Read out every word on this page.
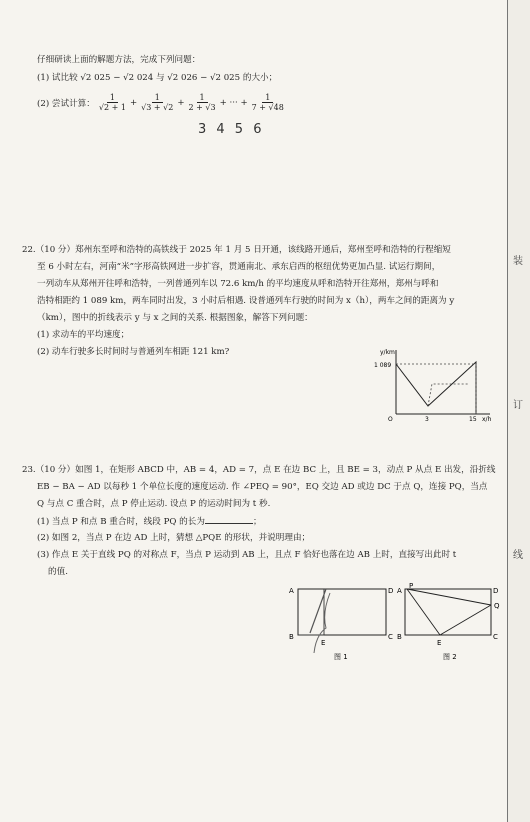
仔细研读上面的解题方法，完成下列问题：
(1) 试比较 √2 025 − √2 024 与 √2 026 − √2 025 的大小；
(2) 尝试计算： $\frac{1}{√2 + 1} + \frac{1}{√3 + √2} + \frac{1}{2 + √3}$ + ··· + $\frac{1}{7 + √48}$
3 4 5 6
22.（10 分）郑州东至呼和浩特的高铁线于 2025 年 1 月 5 日开通，该线路开通后，郑州至呼和浩特的行程缩短
至 6 小时左右，河南“米”字形高铁网进一步扩容，贯通南北、承东启西的枢纽优势更加凸显. 试运行期间，
一列动车从郑州开往呼和浩特，一列普通列车以 72.6 km/h 的平均速度从呼和浩特开往郑州，郑州与呼和
浩特相距约 1 089 km，两车同时出发，3 小时后相遇. 设普通列车行驶的时间为 x（h），两车之间的距离为 y
（km），图中的折线表示 y 与 x 之间的关系. 根据图象，解答下列问题：
(1) 求动车的平均速度；
(2) 动车行驶多长时间时与普通列车相距 121 km?	y/km
1 089
O	3	15 x/h
23.（10 分）如图 1，在矩形 ABCD 中，AB = 4，AD = 7，点 E 在边 BC 上，且 BE = 3，动点 P 从点 E 出发，沿折线
EB − BA − AD 以每秒 1 个单位长度的速度运动. 作 ∠PEQ = 90°，EQ 交边 AD 或边 DC 于点 Q，连接 PQ，当点
Q 与点 C 重合时，点 P 停止运动. 设点 P 的运动时间为 t 秒.
(1) 当点 P 和点 B 重合时，线段 PQ 的长为	；
(2) 如图 2，当点 P 在边 AD 上时，猜想 △PQE 的形状，并说明理由；
(3) 作点 E 关于直线 PQ 的对称点 F，当点 P 运动到 AB 上，且点 F 恰好也落在边 AB 上时，直接写出此时 t
的值.
A
B	C
D
E
图 1
A
P
B	C
D
Q
E
图 2
装
订
线
